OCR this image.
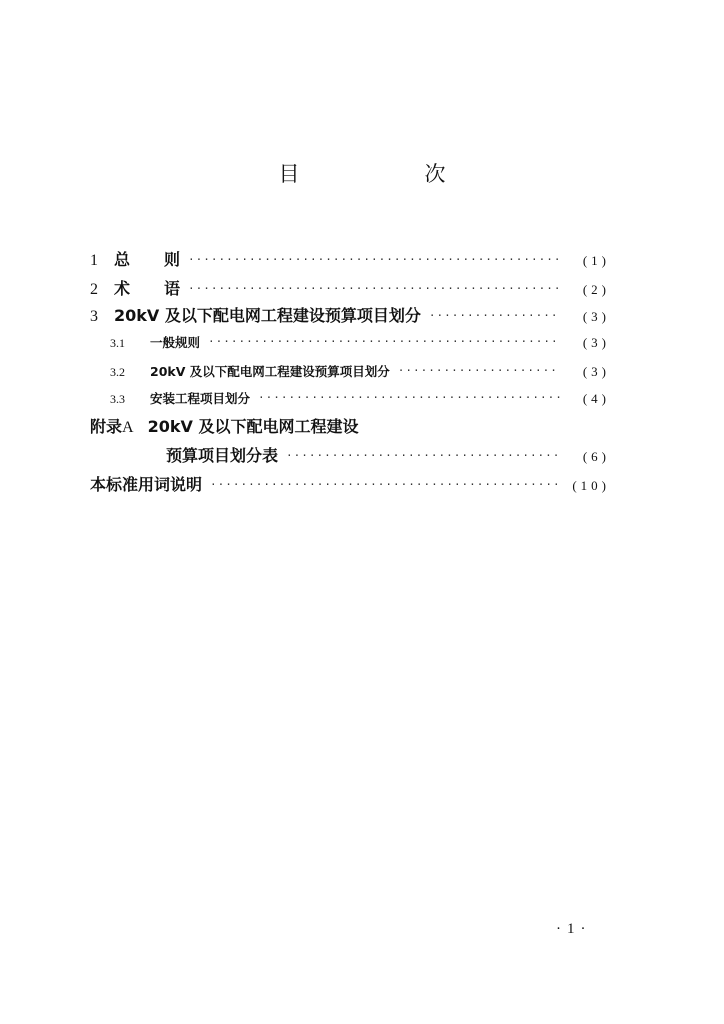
目　次
1	总则 ·····	(1)
2	术语 ·····	(2)
3	20kV 及以下配电网工程建设预算项目划分 ·····	(3)
3.1	一般规则 ·····	(3)
3.2	20kV 及以下配电网工程建设预算项目划分 ·····	(3)
3.3	安装工程项目划分 ·····	(4)
附录A 20kV 及以下配电网工程建设
预算项目划分表 ·····	(6)
本标准用词说明 ·····	(10)
·1·
